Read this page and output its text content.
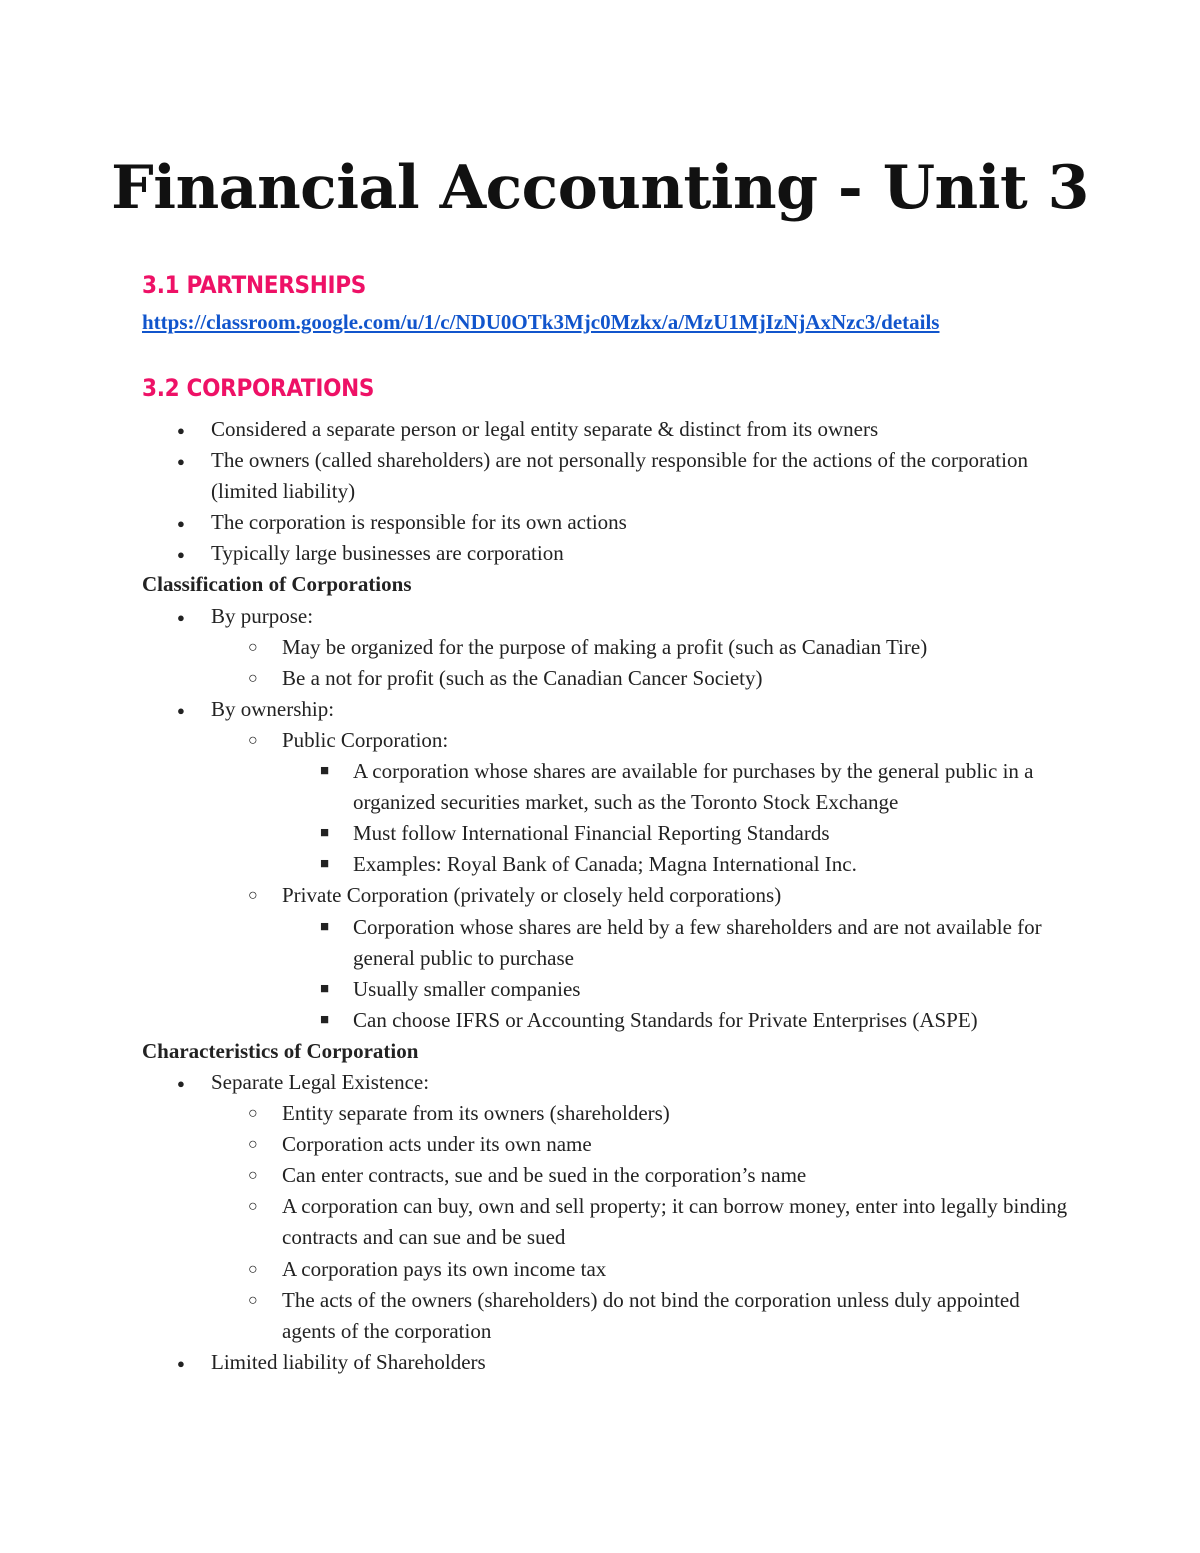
Financial Accounting - Unit 3
3.1 PARTNERSHIPS
https://classroom.google.com/u/1/c/NDU0OTk3Mjc0Mzkx/a/MzU1MjIzNjAxNzc3/details
3.2 CORPORATIONS
● Considered a separate person or legal entity separate & distinct from its owners
● The owners (called shareholders) are not personally responsible for the actions of the corporation (limited liability)
● The corporation is responsible for its own actions
● Typically large businesses are corporation
Classification of Corporations
● By purpose:
○ May be organized for the purpose of making a profit (such as Canadian Tire)
○ Be a not for profit (such as the Canadian Cancer Society)
● By ownership:
○ Public Corporation:
■ A corporation whose shares are available for purchases by the general public in a organized securities market, such as the Toronto Stock Exchange
■ Must follow International Financial Reporting Standards
■ Examples: Royal Bank of Canada; Magna International Inc.
○ Private Corporation (privately or closely held corporations)
■ Corporation whose shares are held by a few shareholders and are not available for general public to purchase
■ Usually smaller companies
■ Can choose IFRS or Accounting Standards for Private Enterprises (ASPE)
Characteristics of Corporation
● Separate Legal Existence:
○ Entity separate from its owners (shareholders)
○ Corporation acts under its own name
○ Can enter contracts, sue and be sued in the corporation’s name
○ A corporation can buy, own and sell property; it can borrow money, enter into legally binding contracts and can sue and be sued
○ A corporation pays its own income tax
○ The acts of the owners (shareholders) do not bind the corporation unless duly appointed agents of the corporation
● Limited liability of Shareholders
